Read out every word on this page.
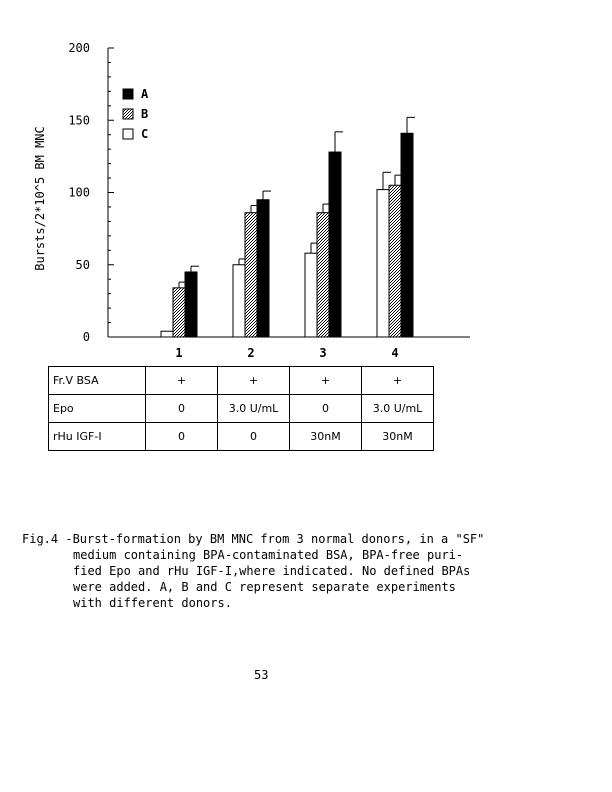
0
50
100
150
200
Bursts/2*10^5 BM MNC
1	2	3	4
A
B
C
Fr.V BSA	+	+	+	+
Epo	0	3.0 U/mL	0	3.0 U/mL
rHu IGF-I	0	0	30nM	30nM
Fig.4 -Burst-formation by BM MNC from 3 normal donors, in a "SF"
medium containing BPA-contaminated BSA, BPA-free puri-
fied Epo and rHu IGF-I,where indicated. No defined BPAs
were added. A, B and C represent separate experiments
with different donors.
53
